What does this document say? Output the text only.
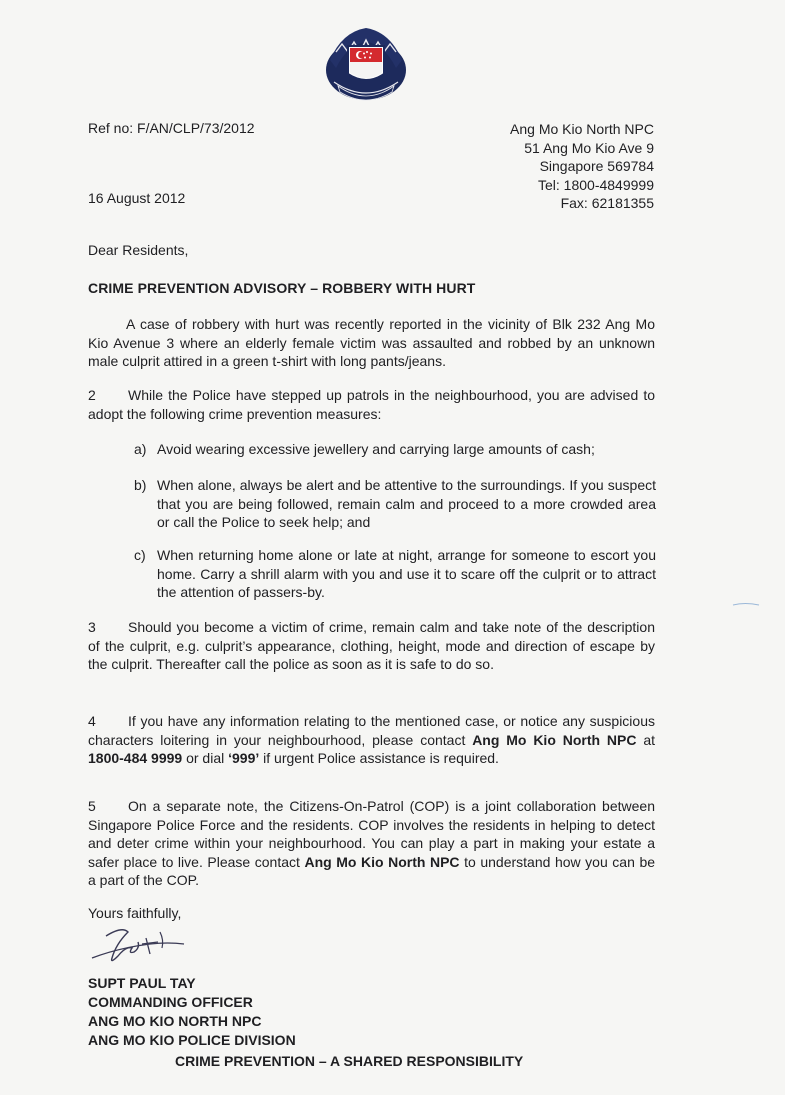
Ref no: F/AN/CLP/73/2012
16 August 2012
Ang Mo Kio North NPC
51 Ang Mo Kio Ave 9
Singapore 569784
Tel: 1800-4849999
Fax: 62181355
Dear Residents,
CRIME PREVENTION ADVISORY – ROBBERY WITH HURT
A case of robbery with hurt was recently reported in the vicinity of Blk 232 Ang Mo Kio Avenue 3 where an elderly female victim was assaulted and robbed by an unknown male culprit attired in a green t-shirt with long pants/jeans.
2 While the Police have stepped up patrols in the neighbourhood, you are advised to adopt the following crime prevention measures:
a) Avoid wearing excessive jewellery and carrying large amounts of cash;
b) When alone, always be alert and be attentive to the surroundings. If you suspect that you are being followed, remain calm and proceed to a more crowded area or call the Police to seek help; and
c) When returning home alone or late at night, arrange for someone to escort you home. Carry a shrill alarm with you and use it to scare off the culprit or to attract the attention of passers-by.
3 Should you become a victim of crime, remain calm and take note of the description of the culprit, e.g. culprit’s appearance, clothing, height, mode and direction of escape by the culprit. Thereafter call the police as soon as it is safe to do so.
4 If you have any information relating to the mentioned case, or notice any suspicious characters loitering in your neighbourhood, please contact Ang Mo Kio North NPC at 1800-484 9999 or dial ‘999’ if urgent Police assistance is required.
5 On a separate note, the Citizens-On-Patrol (COP) is a joint collaboration between Singapore Police Force and the residents. COP involves the residents in helping to detect and deter crime within your neighbourhood. You can play a part in making your estate a safer place to live. Please contact Ang Mo Kio North NPC to understand how you can be a part of the COP.
Yours faithfully,
SUPT PAUL TAY
COMMANDING OFFICER
ANG MO KIO NORTH NPC
ANG MO KIO POLICE DIVISION
CRIME PREVENTION – A SHARED RESPONSIBILITY
